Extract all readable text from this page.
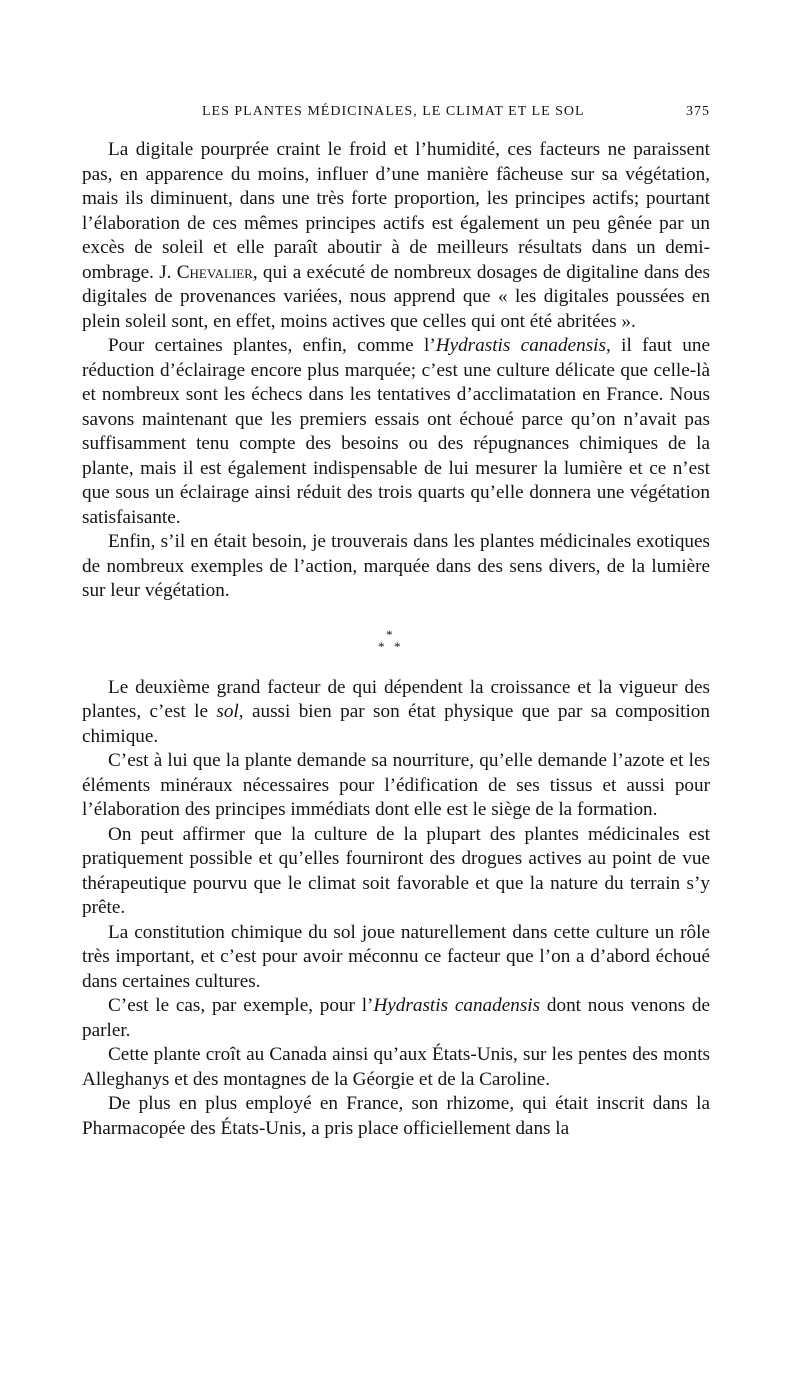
LES PLANTES MÉDICINALES, LE CLIMAT ET LE SOL	375

La digitale pourprée craint le froid et l’humidité, ces facteurs ne paraissent pas, en apparence du moins, influer d’une manière fâcheuse sur sa végétation, mais ils diminuent, dans une très forte proportion, les principes actifs; pourtant l’élaboration de ces mêmes principes actifs est également un peu gênée par un excès de soleil et elle paraît aboutir à de meilleurs résultats dans un demi-ombrage. J. Chevalier, qui a exécuté de nombreux dosages de digitaline dans des digitales de provenances variées, nous apprend que « les digitales poussées en plein soleil sont, en effet, moins actives que celles qui ont été abritées ».

Pour certaines plantes, enfin, comme l’Hydrastis canadensis, il faut une réduction d’éclairage encore plus marquée; c’est une culture délicate que celle-là et nombreux sont les échecs dans les tentatives d’acclimatation en France. Nous savons maintenant que les premiers essais ont échoué parce qu’on n’avait pas suffisamment tenu compte des besoins ou des répugnances chimiques de la plante, mais il est également indispensable de lui mesurer la lumière et ce n’est que sous un éclairage ainsi réduit des trois quarts qu’elle donnera une végétation satisfaisante.

Enfin, s’il en était besoin, je trouverais dans les plantes médicinales exotiques de nombreux exemples de l’action, marquée dans des sens divers, de la lumière sur leur végétation.

*
* *

Le deuxième grand facteur de qui dépendent la croissance et la vigueur des plantes, c’est le sol, aussi bien par son état physique que par sa composition chimique.

C’est à lui que la plante demande sa nourriture, qu’elle demande l’azote et les éléments minéraux nécessaires pour l’édification de ses tissus et aussi pour l’élaboration des principes immédiats dont elle est le siège de la formation.

On peut affirmer que la culture de la plupart des plantes médicinales est pratiquement possible et qu’elles fourniront des drogues actives au point de vue thérapeutique pourvu que le climat soit favorable et que la nature du terrain s’y prête.

La constitution chimique du sol joue naturellement dans cette culture un rôle très important, et c’est pour avoir méconnu ce facteur que l’on a d’abord échoué dans certaines cultures.

C’est le cas, par exemple, pour l’Hydrastis canadensis dont nous venons de parler.

Cette plante croît au Canada ainsi qu’aux États-Unis, sur les pentes des monts Alleghanys et des montagnes de la Géorgie et de la Caroline.

De plus en plus employé en France, son rhizome, qui était inscrit dans la Pharmacopée des États-Unis, a pris place officiellement dans la
